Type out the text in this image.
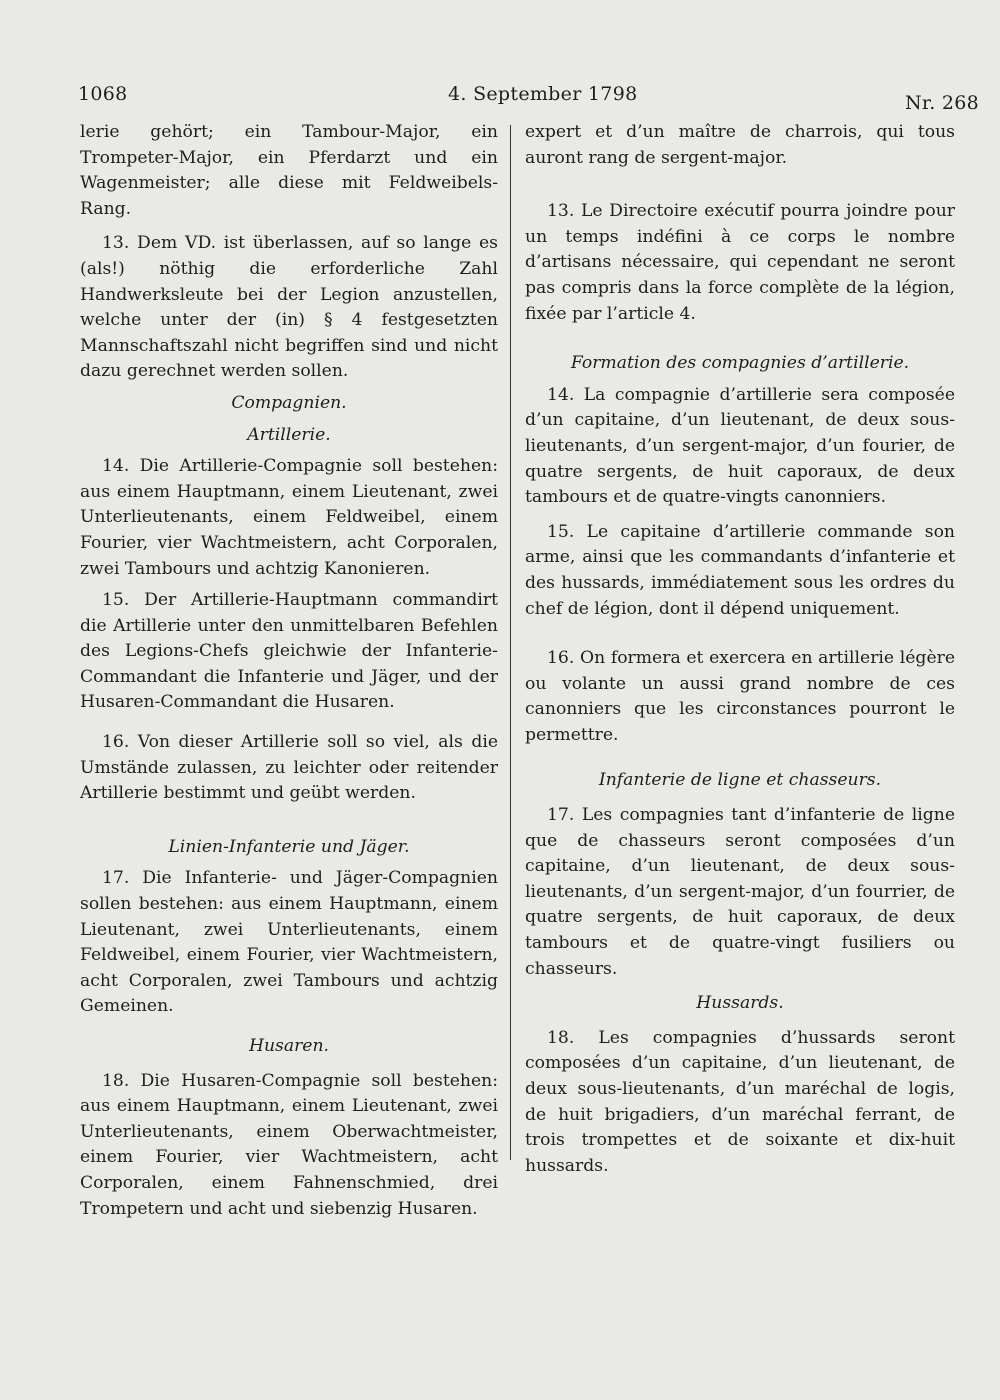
1068	4. September 1798	Nr. 268

lerie gehört; ein Tambour-Major, ein Trompeter-Major, ein Pferdarzt und ein Wagenmeister; alle diese mit Feldweibels-Rang.

13. Dem VD. ist überlassen, auf so lange es (als!) nöthig die erforderliche Zahl Handwerksleute bei der Legion anzustellen, welche unter der (in) § 4 festgesetzten Mannschaftszahl nicht begriffen sind und nicht dazu gerechnet werden sollen.

Compagnien.
Artillerie.

14. Die Artillerie-Compagnie soll bestehen: aus einem Hauptmann, einem Lieutenant, zwei Unterlieutenants, einem Feldweibel, einem Fourier, vier Wachtmeistern, acht Corporalen, zwei Tambours und achtzig Kanonieren.

15. Der Artillerie-Hauptmann commandirt die Artillerie unter den unmittelbaren Befehlen des Legions-Chefs gleichwie der Infanterie-Commandant die Infanterie und Jäger, und der Husaren-Commandant die Husaren.

16. Von dieser Artillerie soll so viel, als die Umstände zulassen, zu leichter oder reitender Artillerie bestimmt und geübt werden.

Linien-Infanterie und Jäger.

17. Die Infanterie- und Jäger-Compagnien sollen bestehen: aus einem Hauptmann, einem Lieutenant, zwei Unterlieutenants, einem Feldweibel, einem Fourier, vier Wachtmeistern, acht Corporalen, zwei Tambours und achtzig Gemeinen.

Husaren.

18. Die Husaren-Compagnie soll bestehen: aus einem Hauptmann, einem Lieutenant, zwei Unterlieutenants, einem Oberwachtmeister, einem Fourier, vier Wachtmeistern, acht Corporalen, einem Fahnenschmied, drei Trompetern und acht und siebenzig Husaren.

expert et d’un maître de charrois, qui tous auront rang de sergent-major.

13. Le Directoire exécutif pourra joindre pour un temps indéfini à ce corps le nombre d’artisans nécessaire, qui cependant ne seront pas compris dans la force complète de la légion, fixée par l’article 4.

Formation des compagnies d’artillerie.

14. La compagnie d’artillerie sera composée d’un capitaine, d’un lieutenant, de deux sous-lieutenants, d’un sergent-major, d’un fourier, de quatre sergents, de huit caporaux, de deux tambours et de quatre-vingts canonniers.

15. Le capitaine d’artillerie commande son arme, ainsi que les commandants d’infanterie et des hussards, immédiatement sous les ordres du chef de légion, dont il dépend uniquement.

16. On formera et exercera en artillerie légère ou volante un aussi grand nombre de ces canonniers que les circonstances pourront le permettre.

Infanterie de ligne et chasseurs.

17. Les compagnies tant d’infanterie de ligne que de chasseurs seront composées d’un capitaine, d’un lieutenant, de deux sous-lieutenants, d’un sergent-major, d’un fourrier, de quatre sergents, de huit caporaux, de deux tambours et de quatre-vingt fusiliers ou chasseurs.

Hussards.

18. Les compagnies d’hussards seront composées d’un capitaine, d’un lieutenant, de deux sous-lieutenants, d’un maréchal de logis, de huit brigadiers, d’un maréchal ferrant, de trois trompettes et de soixante et dix-huit hussards.
